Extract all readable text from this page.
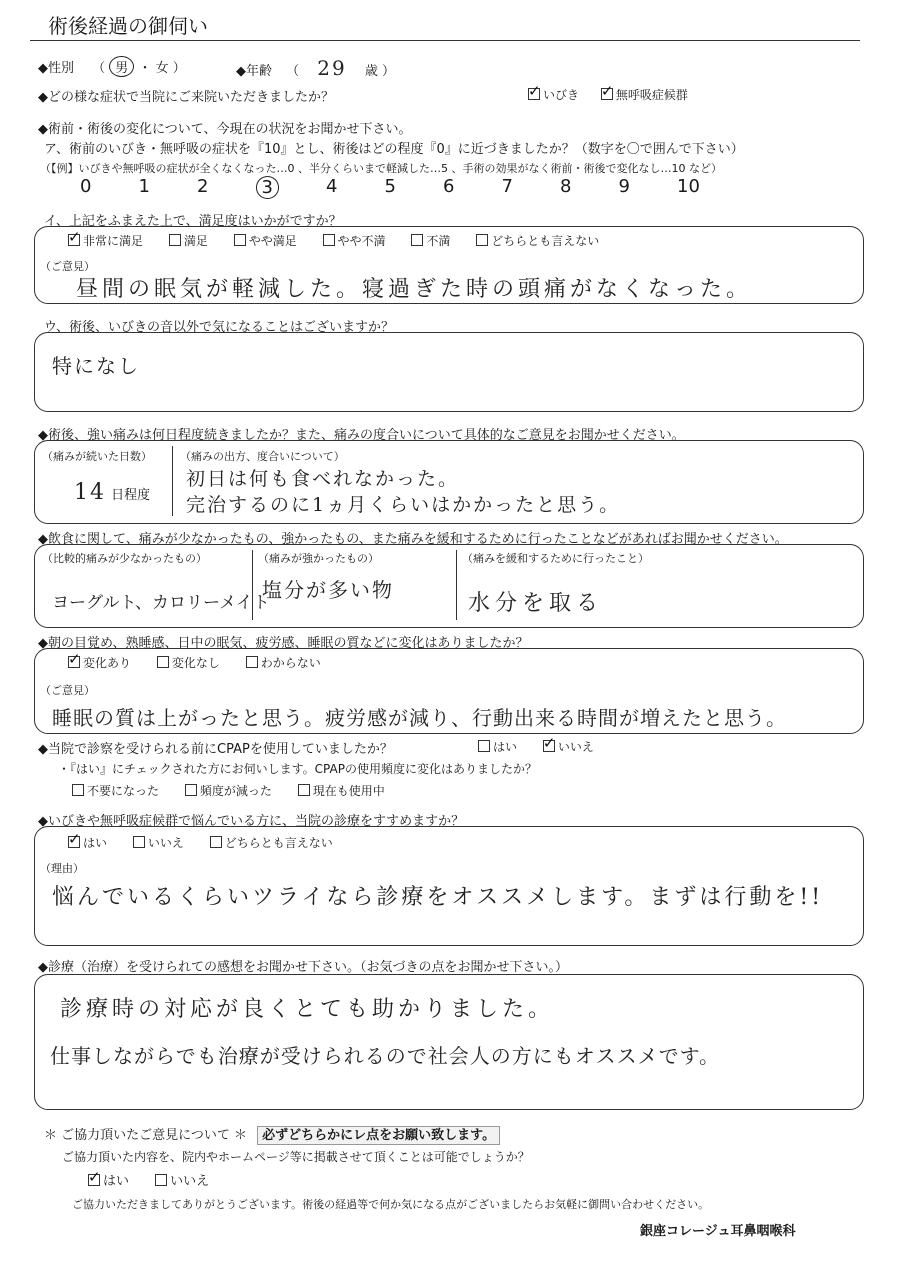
術後経過の御伺い
◆性別 （ 男 ・ 女 ）	◆年齢 （ 29 歳 ）
◆どの様な症状で当院にご来院いただきましたか？ ✓	いびき ✓	無呼吸症候群
◆術前・術後の変化について、今現在の状況をお聞かせ下さい。
ア、術前のいびき・無呼吸の症状を『10』とし、術後はどの程度『0』に近づきましたか？（数字を〇で囲んで下さい）
（【例】いびきや無呼吸の症状が全くなくなった…0 、半分くらいまで軽減した…5 、手術の効果がなく術前・術後で変化なし…10 など）
0	1	2	3	4	5	6	7	8	9	10
イ、上記をふまえた上で、満足度はいかがですか？
✓非常に満足	満足	やや満足	やや不満	不満	どちらとも言えない
（ご意見）
昼間の眠気が軽減した。寝過ぎた時の頭痛がなくなった。
ウ、術後、いびきの音以外で気になることはございますか？
特になし
◆術後、強い痛みは何日程度続きましたか？また、痛みの度合いについて具体的なご意見をお聞かせください。
（痛みが続いた日数）
14 日程度
（痛みの出方、度合いについて）
初日は何も食べれなかった。
完治するのに1ヵ月くらいはかかったと思う。
◆飲食に関して、痛みが少なかったもの、強かったもの、また痛みを緩和するために行ったことなどがあればお聞かせください。
（比較的痛みが少なかったもの）
ヨーグルト、カロリーメイト
（痛みが強かったもの）
塩分が多い物
（痛みを緩和するために行ったこと）
水分を取る
◆朝の目覚め、熟睡感、日中の眠気、疲労感、睡眠の質などに変化はありましたか？
✓変化あり	変化なし	わからない
（ご意見）
睡眠の質は上がったと思う。疲労感が減り、行動出来る時間が増えたと思う。
◆当院で診察を受けられる前にCPAPを使用していましたか？	はい ✓	いいえ
・『はい』にチェックされた方にお伺いします。CPAPの使用頻度に変化はありましたか？
不要になった	頻度が減った	現在も使用中
◆いびきや無呼吸症候群で悩んでいる方に、当院の診療をすすめますか？
✓はい	いいえ	どちらとも言えない
（理由）
悩んでいるくらいツライなら診療をオススメします。まずは行動を!!
◆診療（治療）を受けられての感想をお聞かせ下さい。（お気づきの点をお聞かせ下さい。）
診療時の対応が良くとても助かりました。
仕事しながらでも治療が受けられるので社会人の方にもオススメです。
＊ ご協力頂いたご意見について ＊ 必ずどちらかにレ点をお願い致します。
ご協力頂いた内容を、院内やホームページ等に掲載させて頂くことは可能でしょうか？
✓はい	いいえ
ご協力いただきましてありがとうございます。術後の経過等で何か気になる点がございましたらお気軽に御問い合わせください。
銀座コレージュ耳鼻咽喉科
